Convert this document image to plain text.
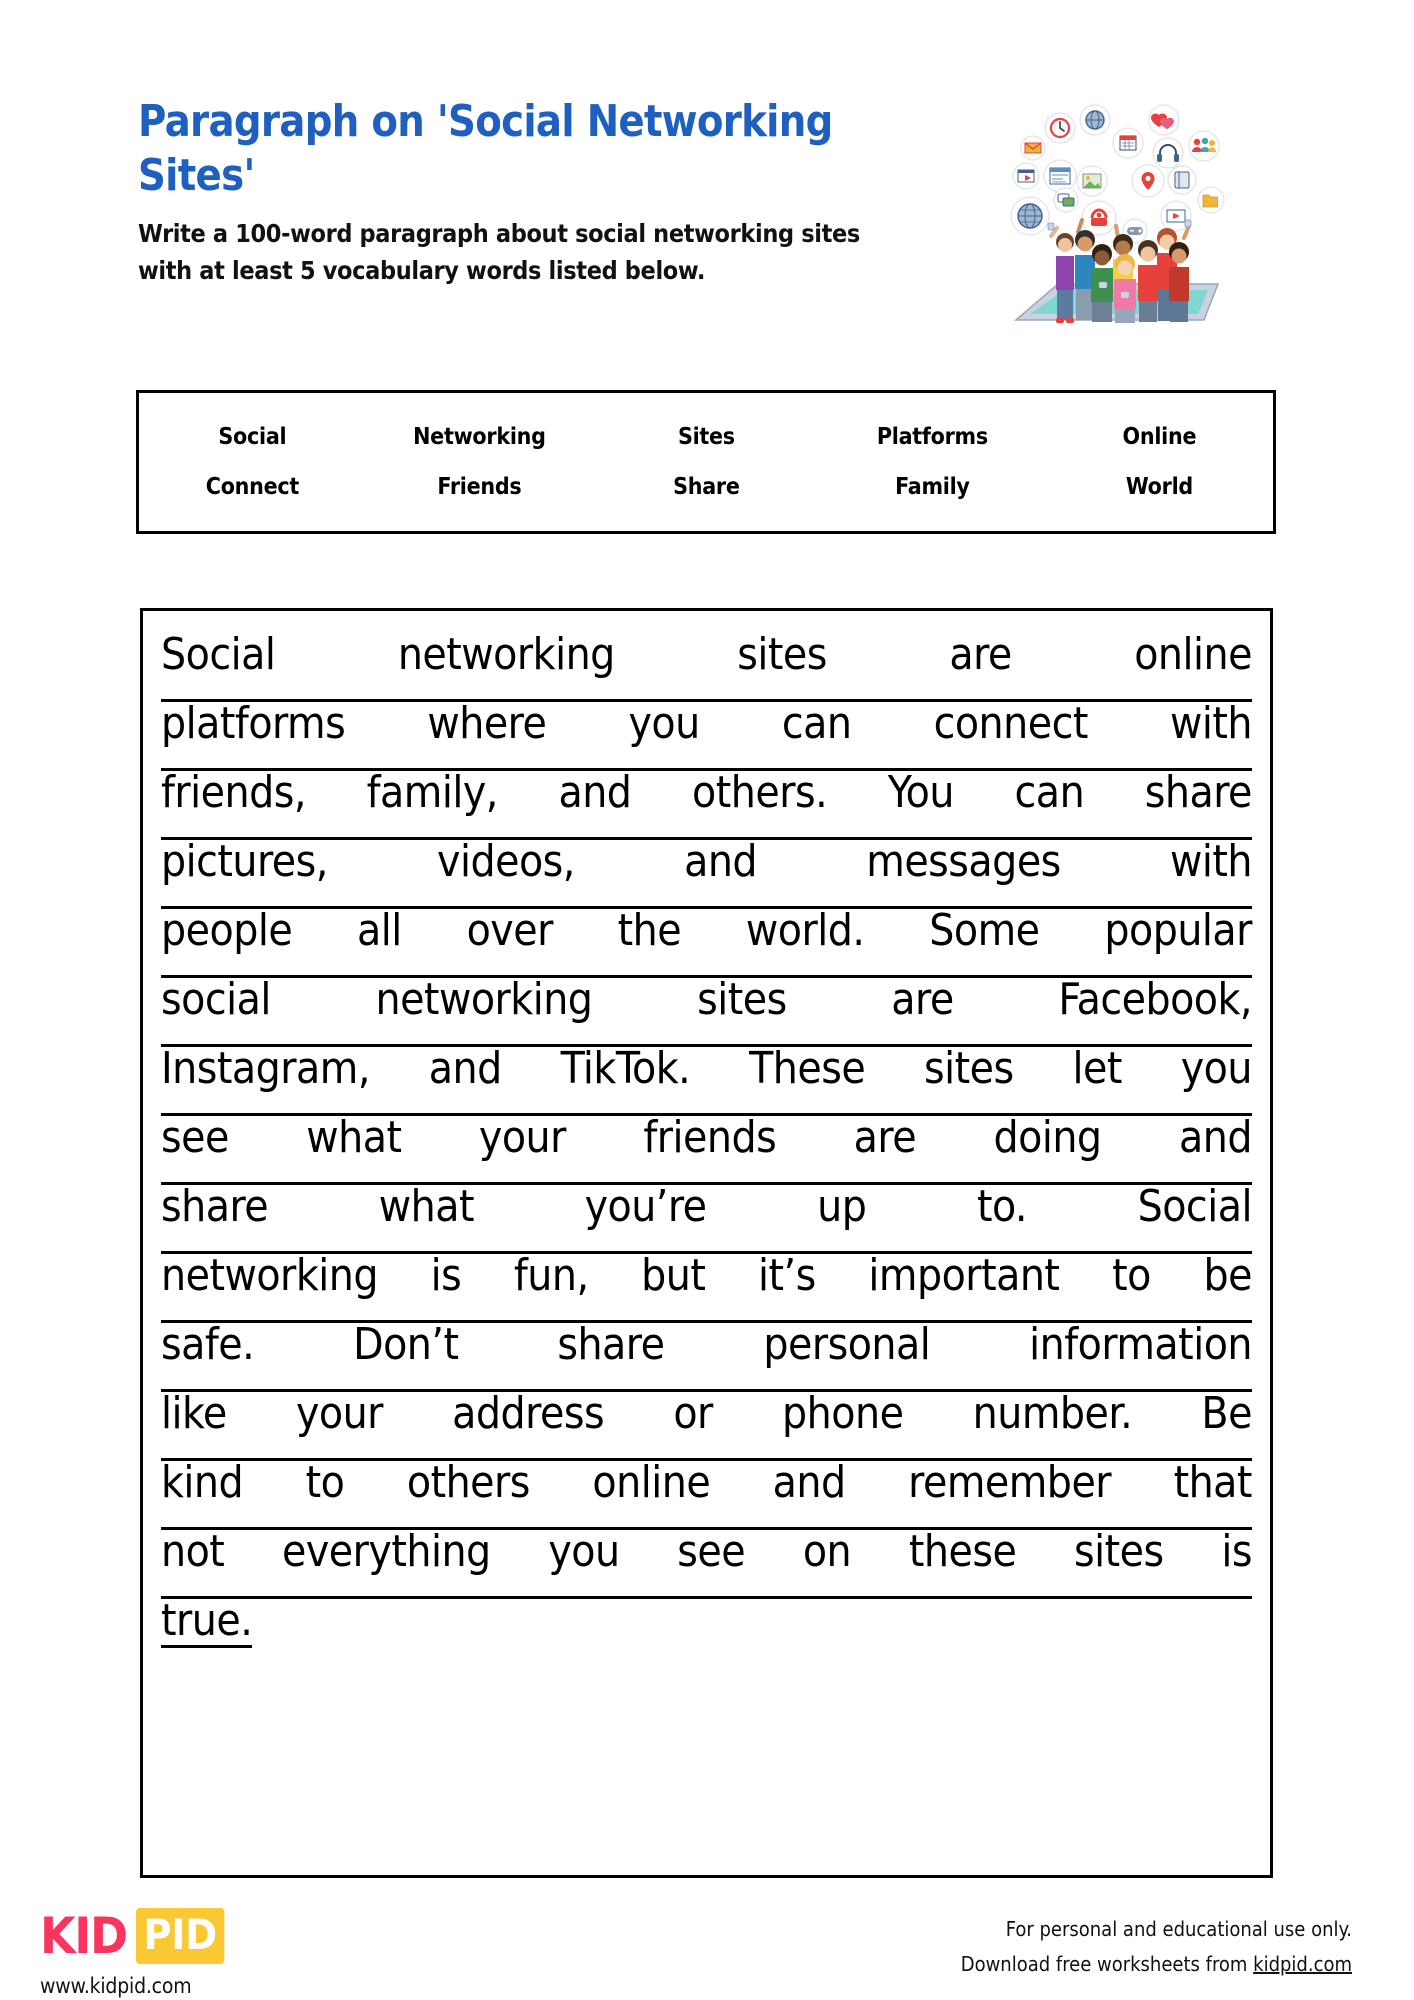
Paragraph on 'Social Networking Sites'

Write a 100-word paragraph about social networking sites with at least 5 vocabulary words listed below.

Social	Networking	Sites	Platforms	Online
Connect	Friends	Share	Family	World
Social	networking	sites	are	online
platforms where you can connect with
friends, family, and others. You can share
pictures, videos, and messages with
people all over the world. Some popular
social networking sites are Facebook,
Instagram, and TikTok. These sites let you
see what your friends are doing and
share	what	you’re	up	to.	Social
networking is fun, but it’s important to be
safe. Don’t share personal information
like your address or phone number. Be
kind to others online and remember that
not everything you see on these sites is
true.
KID PID
www.kidpid.com
For personal and educational use only.
Download free worksheets from kidpid.com
